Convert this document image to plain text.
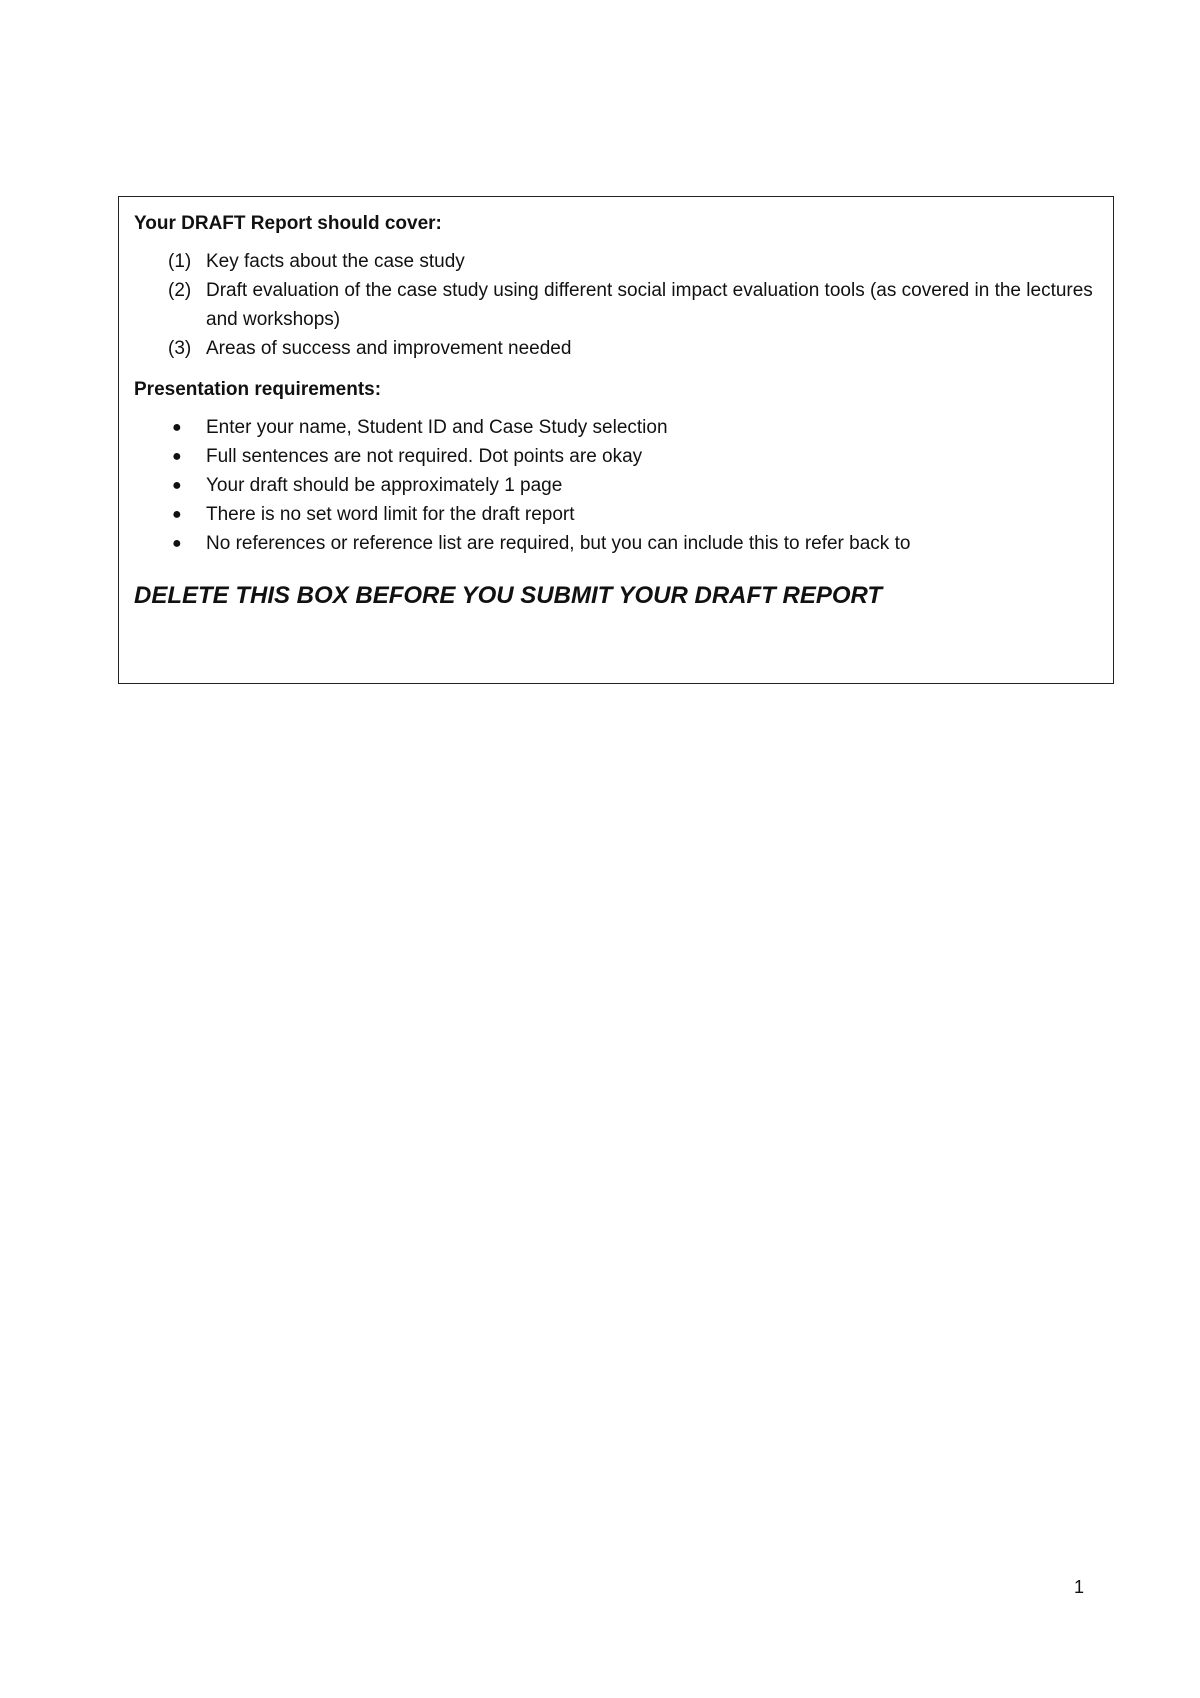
Your DRAFT Report should cover:
(1) Key facts about the case study
(2) Draft evaluation of the case study using different social impact evaluation tools (as covered in the lectures and workshops)
(3) Areas of success and improvement needed
Presentation requirements:
● Enter your name, Student ID and Case Study selection
● Full sentences are not required. Dot points are okay
● Your draft should be approximately 1 page
● There is no set word limit for the draft report
● No references or reference list are required, but you can include this to refer back to
DELETE THIS BOX BEFORE YOU SUBMIT YOUR DRAFT REPORT
1
